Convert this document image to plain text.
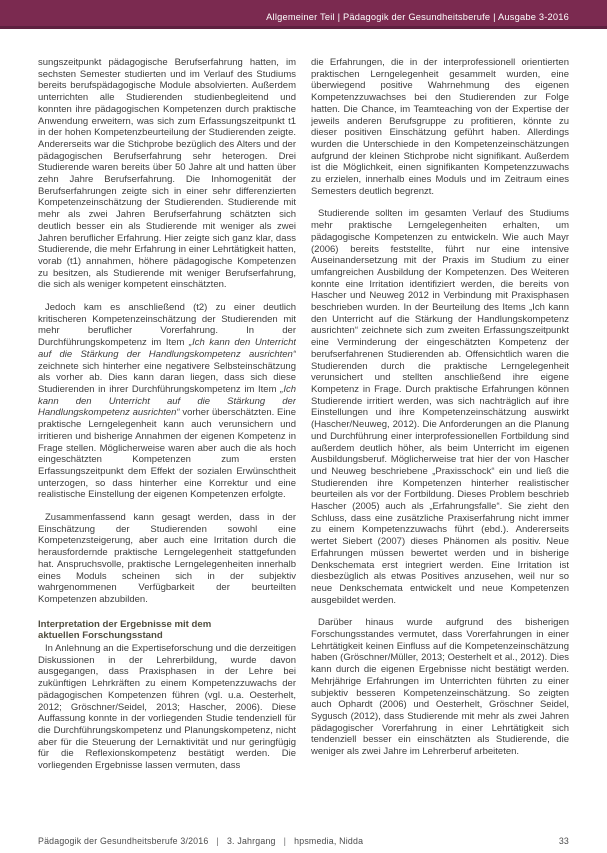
Allgemeiner Teil | Pädagogik der Gesundheitsberufe | Ausgabe 3-2016

sungszeitpunkt pädagogische Berufserfahrung hatten, im sechsten Semester studierten und im Verlauf des Studiums bereits berufspädagogische Module absolvierten. Außerdem unterrichten alle Studierenden studienbegleitend und konnten ihre pädagogischen Kompetenzen durch praktische Anwendung erweitern, was sich zum Erfassungszeitpunkt t1 in der hohen Kompetenzbeurteilung der Studierenden zeigte. Andererseits war die Stichprobe bezüglich des Alters und der pädagogischen Berufserfahrung sehr heterogen. Drei Studierende waren bereits über 50 Jahre alt und hatten über zehn Jahre Berufserfahrung. Die Inhomogenität der Berufserfahrungen zeigte sich in einer sehr differenzierten Kompetenzeinschätzung der Studierenden. Studierende mit mehr als zwei Jahren Berufserfahrung schätzten sich deutlich besser ein als Studierende mit weniger als zwei Jahren beruflicher Erfahrung. Hier zeigte sich ganz klar, dass Studierende, die mehr Erfahrung in einer Lehrtätigkeit hatten, vorab (t1) annahmen, höhere pädagogische Kompetenzen zu besitzen, als Studierende mit weniger Berufserfahrung, die sich als weniger kompetent einschätzten.

Jedoch kam es anschließend (t2) zu einer deutlich kritischeren Kompetenzeinschätzung der Studierenden mit mehr beruflicher Vorerfahrung. In der Durchführungskompetenz im Item „Ich kann den Unterricht auf die Stärkung der Handlungskompetenz ausrichten“ zeichnete sich hinterher eine negativere Selbsteinschätzung als vorher ab. Dies kann daran liegen, dass sich diese Studierenden in ihrer Durchführungskompetenz im Item „Ich kann den Unterricht auf die Stärkung der Handlungskompetenz ausrichten“ vorher überschätzten. Eine praktische Lerngelegenheit kann auch verunsichern und irritieren und bisherige Annahmen der eigenen Kompetenz in Frage stellen. Möglicherweise waren aber auch die als hoch eingeschätzten Kompetenzen zum ersten Erfassungszeitpunkt dem Effekt der sozialen Erwünschtheit unterzogen, so dass hinterher eine Korrektur und eine realistische Einstellung der eigenen Kompetenzen erfolgte.

Zusammenfassend kann gesagt werden, dass in der Einschätzung der Studierenden sowohl eine Kompetenzsteigerung, aber auch eine Irritation durch die herausfordernde praktische Lerngelegenheit stattgefunden hat. Anspruchsvolle, praktische Lerngelegenheiten innerhalb eines Moduls scheinen sich in der subjektiv wahrgenommenen Verfügbarkeit der beurteilten Kompetenzen abzubilden.

Interpretation der Ergebnisse mit dem aktuellen Forschungsstand

In Anlehnung an die Expertiseforschung und die derzeitigen Diskussionen in der Lehrerbildung, wurde davon ausgegangen, dass Praxisphasen in der Lehre bei zukünftigen Lehrkräften zu einem Kompetenzzuwachs der pädagogischen Kompetenzen führen (vgl. u.a. Oesterhelt, 2012; Gröschner/Seidel, 2013; Hascher, 2006). Diese Auffassung konnte in der vorliegenden Studie tendenziell für die Durchführungskompetenz und Planungskompetenz, nicht aber für die Steuerung der Lernaktivität und nur geringfügig für die Reflexionskompetenz bestätigt werden. Die vorliegenden Ergebnisse lassen vermuten, dass

die Erfahrungen, die in der interprofessionell orientierten praktischen Lerngelegenheit gesammelt wurden, eine überwiegend positive Wahrnehmung des eigenen Kompetenzzuwachses bei den Studierenden zur Folge hatten. Die Chance, im Teamteaching von der Expertise der jeweils anderen Berufsgruppe zu profitieren, könnte zu dieser positiven Einschätzung geführt haben. Allerdings wurden die Unterschiede in den Kompetenzeinschätzungen aufgrund der kleinen Stichprobe nicht signifikant. Außerdem ist die Möglichkeit, einen signifikanten Kompetenzzuwachs zu erzielen, innerhalb eines Moduls und im Zeitraum eines Semesters deutlich begrenzt.

Studierende sollten im gesamten Verlauf des Studiums mehr praktische Lerngelegenheiten erhalten, um pädagogische Kompetenzen zu entwickeln. Wie auch Mayr (2006) bereits feststellte, führt nur eine intensive Auseinandersetzung mit der Praxis im Studium zu einer umfangreichen Ausbildung der Kompetenzen. Des Weiteren konnte eine Irritation identifiziert werden, die bereits von Hascher und Neuweg 2012 in Verbindung mit Praxisphasen beschrieben wurden. In der Beurteilung des Items „Ich kann den Unterricht auf die Stärkung der Handlungskompetenz ausrichten“ zeichnete sich zum zweiten Erfassungszeitpunkt eine Verminderung der eingeschätzten Kompetenz der berufserfahrenen Studierenden ab. Offensichtlich waren die Studierenden durch die praktische Lerngelegenheit verunsichert und stellten anschließend ihre eigene Kompetenz in Frage. Durch praktische Erfahrungen können Studierende irritiert werden, was sich nachträglich auf ihre Einstellungen und ihre Kompetenzeinschätzung auswirkt (Hascher/Neuweg, 2012). Die Anforderungen an die Planung und Durchführung einer interprofessionellen Fortbildung sind außerdem deutlich höher, als beim Unterricht im eigenen Ausbildungsberuf. Möglicherweise trat hier der von Hascher und Neuweg beschriebene „Praxisschock“ ein und ließ die Studierenden ihre Kompetenzen hinterher realistischer beurteilen als vor der Fortbildung. Dieses Problem beschrieb Hascher (2005) auch als „Erfahrungsfalle“. Sie zieht den Schluss, dass eine zusätzliche Praxiserfahrung nicht immer zu einem Kompetenzzuwachs führt (ebd.). Andererseits wertet Siebert (2007) dieses Phänomen als positiv. Neue Erfahrungen müssen bewertet werden und in bisherige Denkschemata erst integriert werden. Eine Irritation ist diesbezüglich als etwas Positives anzusehen, weil nur so neue Denkschemata entwickelt und neue Kompetenzen ausgebildet werden.

Darüber hinaus wurde aufgrund des bisherigen Forschungsstandes vermutet, dass Vorerfahrungen in einer Lehrtätigkeit keinen Einfluss auf die Kompetenzeinschätzung haben (Gröschner/Müller, 2013; Oesterhelt et al., 2012). Dies kann durch die eigenen Ergebnisse nicht bestätigt werden. Mehrjährige Erfahrungen im Unterrichten führten zu einer subjektiv besseren Kompetenzeinschätzung. So zeigten auch Ophardt (2006) und Oesterhelt, Gröschner Seidel, Sygusch (2012), dass Studierende mit mehr als zwei Jahren pädagogischer Vorerfahrung in einer Lehrtätigkeit sich tendenziell besser ein einschätzten als Studierende, die weniger als zwei Jahre im Lehrerberuf arbeiteten.

Pädagogik der Gesundheitsberufe 3/2016 | 3. Jahrgang | hpsmedia, Nidda	33
